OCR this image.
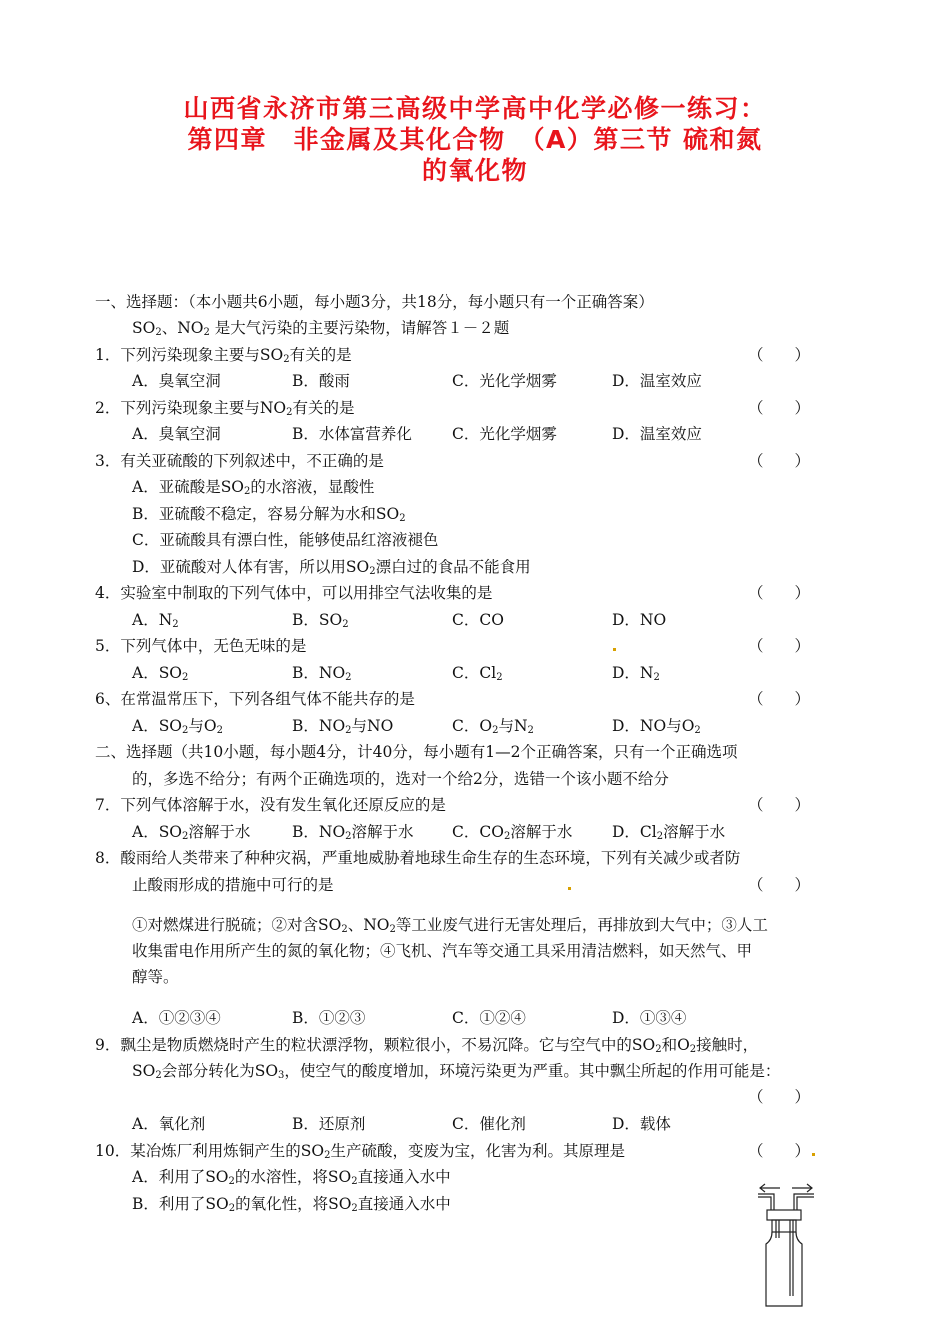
山西省永济市第三高级中学高中化学必修一练习：
第四章　非金属及其化合物　（A）第三节 硫和氮
的氧化物
一、选择题：（本小题共6小题，每小题3分，共18分，每小题只有一个正确答案）
$SO_2$、$NO_2$ 是大气污染的主要污染物，请解答１－２题
1．下列污染现象主要与$SO_2$有关的是	（　　）
A．臭氧空洞	B．酸雨	C．光化学烟雾	D．温室效应
2．下列污染现象主要与$NO_2$有关的是	（　　）
A．臭氧空洞	B．水体富营养化	C．光化学烟雾	D．温室效应
3．有关亚硫酸的下列叙述中，不正确的是	（　　）
A．亚硫酸是$SO_2$的水溶液，显酸性
B．亚硫酸不稳定，容易分解为水和$SO_2$
C．亚硫酸具有漂白性，能够使品红溶液褪色
D．亚硫酸对人体有害，所以用$SO_2$漂白过的食品不能食用
4．实验室中制取的下列气体中，可以用排空气法收集的是	（　　）
A．$N_2$	B．$SO_2$	C．CO	D．NO
5．下列气体中，无色无味的是	（　　）
A．$SO_2$	B．$NO_2$	C．$Cl_2$	D．$N_2$
6、在常温常压下，下列各组气体不能共存的是	（　　）
A．$SO_2$与$O_2$	B．$NO_2$与NO	C．$O_2$与$N_2$	D．NO与$O_2$
二、选择题（共10小题，每小题4分，计40分，每小题有1—2个正确答案，只有一个正确选项
的，多选不给分；有两个正确选项的，选对一个给2分，选错一个该小题不给分
7．下列气体溶解于水，没有发生氧化还原反应的是	（　　）
A．$SO_2$溶解于水	B．$NO_2$溶解于水 C．$CO_2$溶解于水	D．$Cl_2$溶解于水
8．酸雨给人类带来了种种灾祸，严重地威胁着地球生命生存的生态环境，下列有关减少或者防
止酸雨形成的措施中可行的是	（　　）
①对燃煤进行脱硫；②对含$SO_2$、$NO_2$等工业废气进行无害处理后，再排放到大气中；③人工
收集雷电作用所产生的氮的氧化物；④飞机、汽车等交通工具采用清洁燃料，如天然气、甲
醇等。
A．①②③④	B．①②③	C．①②④	D．①③④
9．飘尘是物质燃烧时产生的粒状漂浮物，颗粒很小，不易沉降。它与空气中的$SO_2$和$O_2$接触时，
$SO_2$会部分转化为$SO_3$，使空气的酸度增加，环境污染更为严重。其中飘尘所起的作用可能是：
（　　）
A．氧化剂	B．还原剂	C．催化剂	D．载体
10．某冶炼厂利用炼铜产生的$SO_2$生产硫酸，变废为宝，化害为利。其原理是	（　　）
A．利用了$SO_2$的水溶性，将$SO_2$直接通入水中
B．利用了$SO_2$的氧化性，将$SO_2$直接通入水中
